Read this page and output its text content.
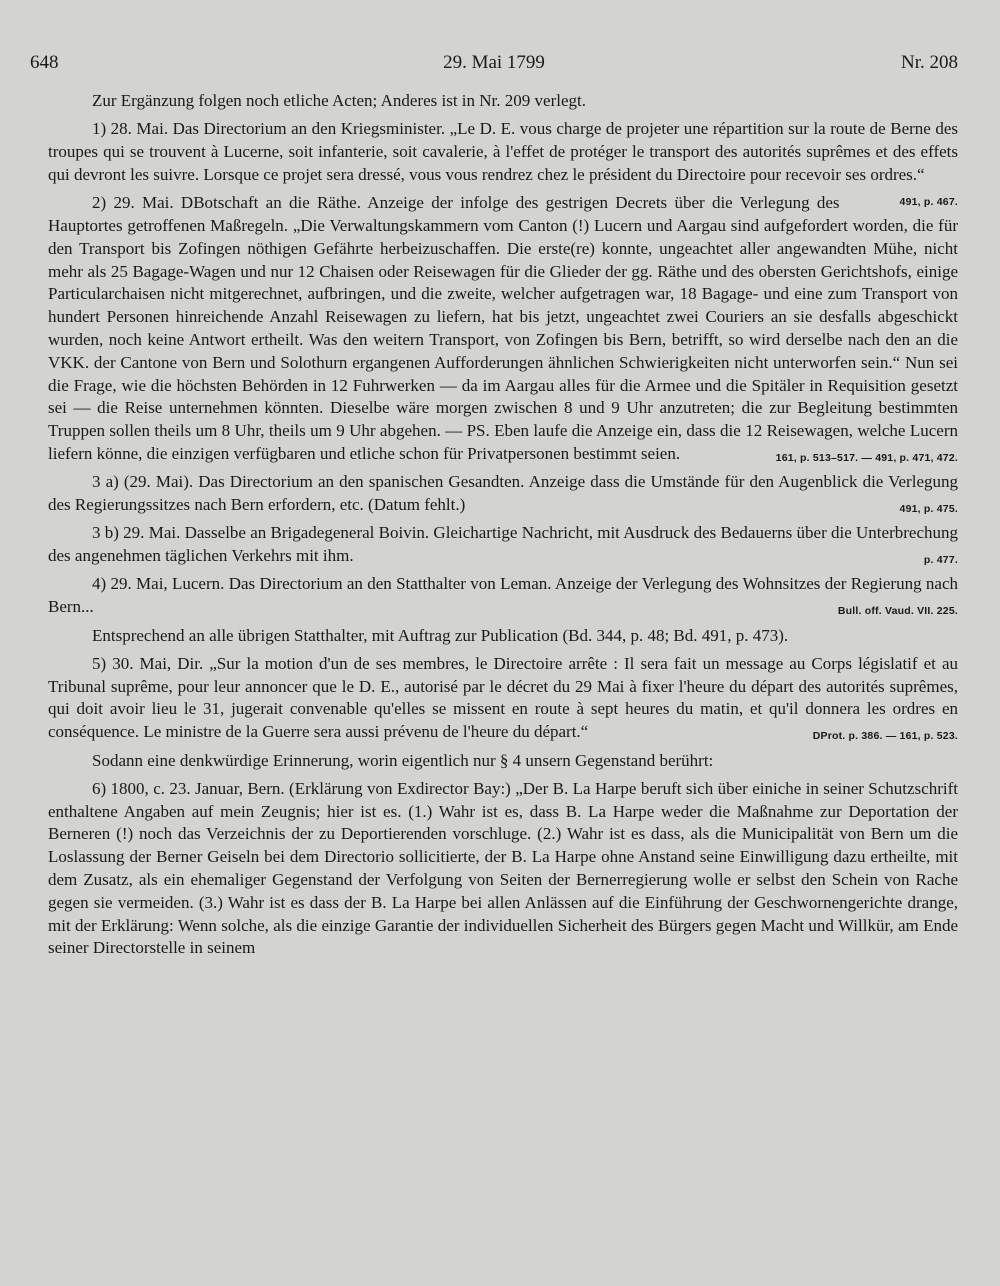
648	29. Mai 1799	Nr. 208

Zur Ergänzung folgen noch etliche Acten; Anderes ist in Nr. 209 verlegt.

1) 28. Mai. Das Directorium an den Kriegsminister. „Le D. E. vous charge de projeter une répartition sur la route de Berne des troupes qui se trouvent à Lucerne, soit infanterie, soit cavalerie, à l'effet de protéger le transport des autorités suprêmes et des effets qui devront les suivre. Lorsque ce projet sera dressé, vous vous rendrez chez le président du Directoire pour recevoir ses ordres.“
491, p. 467.

2) 29. Mai. DBotschaft an die Räthe. Anzeige der infolge des gestrigen Decrets über die Verlegung des Hauptortes getroffenen Maßregeln. „Die Verwaltungskammern vom Canton (!) Lucern und Aargau sind aufgefordert worden, die für den Transport bis Zofingen nöthigen Gefährte herbeizuschaffen. Die erste(re) konnte, ungeachtet aller angewandten Mühe, nicht mehr als 25 Bagage-Wagen und nur 12 Chaisen oder Reisewagen für die Glieder der gg. Räthe und des obersten Gerichtshofs, einige Particularchaisen nicht mitgerechnet, aufbringen, und die zweite, welcher aufgetragen war, 18 Bagage- und eine zum Transport von hundert Personen hinreichende Anzahl Reisewagen zu liefern, hat bis jetzt, ungeachtet zwei Couriers an sie desfalls abgeschickt wurden, noch keine Antwort ertheilt. Was den weitern Transport, von Zofingen bis Bern, betrifft, so wird derselbe nach den an die VKK. der Cantone von Bern und Solothurn ergangenen Aufforderungen ähnlichen Schwierigkeiten nicht unterworfen sein.“ Nun sei die Frage, wie die höchsten Behörden in 12 Fuhrwerken — da im Aargau alles für die Armee und die Spitäler in Requisition gesetzt sei — die Reise unternehmen könnten. Dieselbe wäre morgen zwischen 8 und 9 Uhr anzutreten; die zur Begleitung bestimmten Truppen sollen theils um 8 Uhr, theils um 9 Uhr abgehen. — PS. Eben laufe die Anzeige ein, dass die 12 Reisewagen, welche Lucern liefern könne, die einzigen verfügbaren und etliche schon für Privatpersonen bestimmt seien.	161, p. 513–517. — 491, p. 471, 472.

3 a) (29. Mai). Das Directorium an den spanischen Gesandten. Anzeige dass die Umstände für den Augenblick die Verlegung des Regierungssitzes nach Bern erfordern, etc. (Datum fehlt.)	491, p. 475.

3 b) 29. Mai. Dasselbe an Brigadegeneral Boivin. Gleichartige Nachricht, mit Ausdruck des Bedauerns über die Unterbrechung des angenehmen täglichen Verkehrs mit ihm.	p. 477.

4) 29. Mai, Lucern. Das Directorium an den Statthalter von Leman. Anzeige der Verlegung des Wohnsitzes der Regierung nach Bern...	Bull. off. Vaud. VII. 225.

Entsprechend an alle übrigen Statthalter, mit Auftrag zur Publication (Bd. 344, p. 48; Bd. 491, p. 473).

5) 30. Mai, Dir. „Sur la motion d'un de ses membres, le Directoire arrête : Il sera fait un message au Corps législatif et au Tribunal suprême, pour leur annoncer que le D. E., autorisé par le décret du 29 Mai à fixer l'heure du départ des autorités suprêmes, qui doit avoir lieu le 31, jugerait convenable qu'elles se missent en route à sept heures du matin, et qu'il donnera les ordres en conséquence. Le ministre de la Guerre sera aussi prévenu de l'heure du départ.“	DProt. p. 386. — 161, p. 523.

Sodann eine denkwürdige Erinnerung, worin eigentlich nur § 4 unsern Gegenstand berührt:

6) 1800, c. 23. Januar, Bern. (Erklärung von Exdirector Bay:) „Der B. La Harpe beruft sich über einiche in seiner Schutzschrift enthaltene Angaben auf mein Zeugnis; hier ist es. (1.) Wahr ist es, dass B. La Harpe weder die Maßnahme zur Deportation der Berneren (!) noch das Verzeichnis der zu Deportierenden vorschluge. (2.) Wahr ist es dass, als die Municipalität von Bern um die Loslassung der Berner Geiseln bei dem Directorio sollicitierte, der B. La Harpe ohne Anstand seine Einwilligung dazu ertheilte, mit dem Zusatz, als ein ehemaliger Gegenstand der Verfolgung von Seiten der Bernerregierung wolle er selbst den Schein von Rache gegen sie vermeiden. (3.) Wahr ist es dass der B. La Harpe bei allen Anlässen auf die Einführung der Geschwornengerichte drange, mit der Erklärung: Wenn solche, als die einzige Garantie der individuellen Sicherheit des Bürgers gegen Macht und Willkür, am Ende seiner Directorstelle in seinem
